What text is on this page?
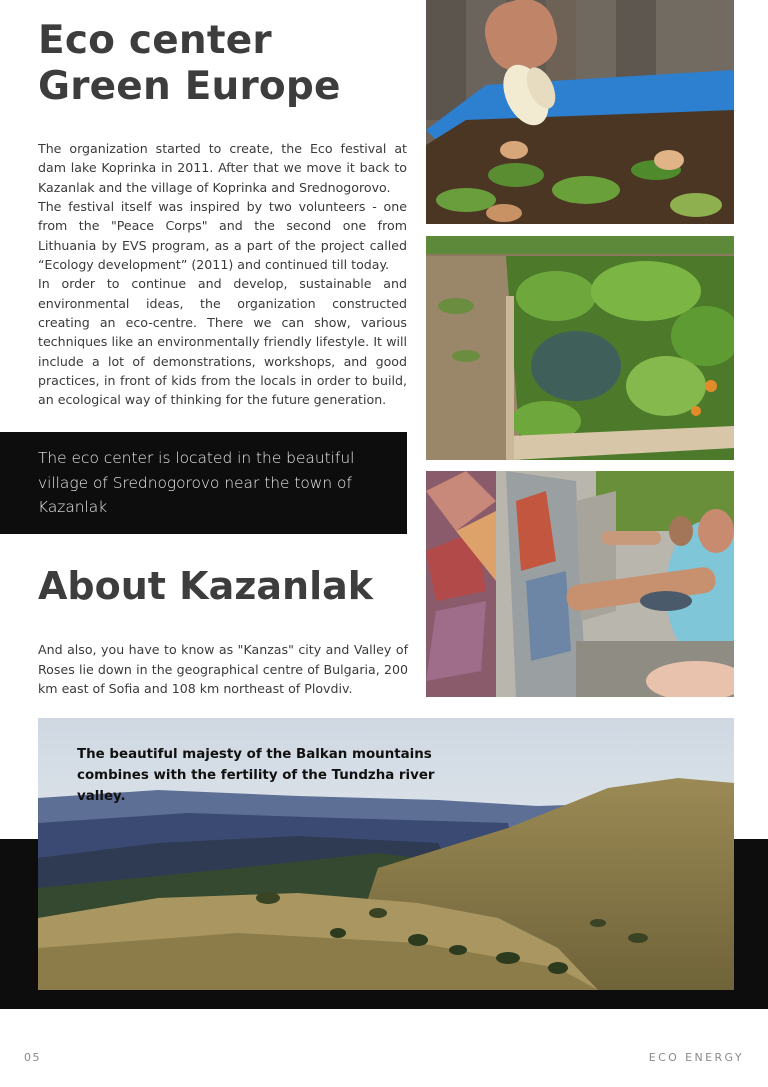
Eco center
Green Europe

The organization started to create, the Eco festival at dam lake Koprinka in 2011. After that we move it back to Kazanlak and the village of Koprinka and Srednogorovo.

The festival itself was inspired by two volunteers - one from the "Peace Corps" and the second one from Lithuania by EVS program, as a part of the project called “Ecology development” (2011) and continued till today.

In order to continue and develop, sustainable and environmental ideas, the organization constructed creating an eco-centre. There we can show, various techniques like an environmentally friendly lifestyle. It will include a lot of demonstrations, workshops, and good practices, in front of kids from the locals in order to build, an ecological way of thinking for the future generation.

The eco center is located in the beautiful village of Srednogorovo near the town of Kazanlak

About Kazanlak

And also, you have to know as "Kanzas" city and Valley of Roses lie down in the geographical centre of Bulgaria, 200 km east of Sofia and 108 km northeast of Plovdiv.

The beautiful majesty of the Balkan mountains combines with the fertility of the Tundzha river valley.

05	ECO ENERGY
